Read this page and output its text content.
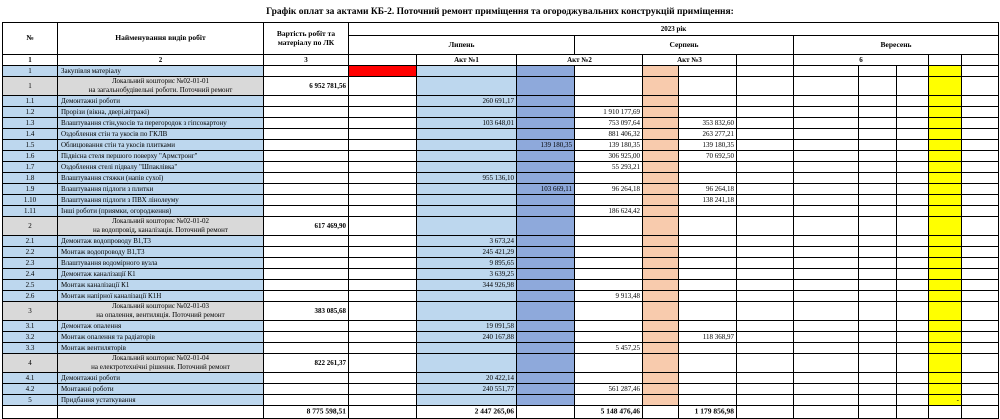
Графік оплат за актами КБ-2. Поточний ремонт приміщення та огороджувальних конструкцій приміщення:
№	Найменування видів робіт	Вартість робіт та матеріалу по ЛК	2023 рік											
			Липень			Серпень				Вересень				
1	2	3		Акт №1	Акт №2		Акт №3			6				
1	Закупівля матеріалу													
1	Локальний кошторис №02-01-01
на загальнобудівельні роботи. Поточний ремонт	6 952 781,56												

1.1	Демонтажні роботи			260 691,17										

1.2	Прорізи (вікна, двері,вітражі)					1 910 177,69								

1.3	Влаштування стін,укосів та перегородок з гіпсокартону			103 648,01		753 097,64		353 832,60						

1.4	Оздоблення стін та укосів по ГКЛВ					881 406,32		263 277,21						

1.5	Облицювання стін та укосів плитками				139 180,35	139 180,35		139 180,35						

1.6	Підвісна стеля першого поверху "Армстронг"					306 925,00		70 692,50						

1.7	Оздоблення стелі підвалу "Шпаклівка"					55 293,21								

1.8	Влаштування стяжки (напів сухої)			955 136,10										

1.9	Влаштування підлоги з плитки				103 669,11	96 264,18		96 264,18						

1.10	Влаштування підлоги з ПВХ лінолеуму							138 241,18						

1.11	Інші роботи (приямки, огородження)					186 624,42								

2	Локальний кошторис №02-01-02
на водопровід, каналізація. Поточний ремонт	617 469,90												

2.1	Демонтаж водопроводу В1,Т3			3 673,24										

2.2	Монтаж водопроводу В1,Т3			245 421,29										

2.3	Влаштування водомірного вузла			9 895,65										

2.4	Демонтаж каналізації К1			3 639,25										

2.5	Монтаж каналізації К1			344 926,98										

2.6	Монтаж напірної каналізації К1Н					9 913,48								

3	Локальний кошторис №02-01-03
на опалення, вентиляція. Поточний ремонт	383 085,68												

3.1	Демонтаж опалення			19 091,58										

3.2	Монтаж опалення та радіаторів			240 167,88				118 368,97						

3.3	Монтаж вентиляторів					5 457,25								

4	Локальний кошторис №02-01-04
на електротехнічні рішення. Поточний ремонт	822 261,37												

4.1	Демонтажні роботи			20 422,14										

4.2	Монтажні роботи			240 551,77		561 287,46								

5	Придбання устаткування												-	

		8 775 598,51		2 447 265,06		5 148 476,46		1 179 856,98						
